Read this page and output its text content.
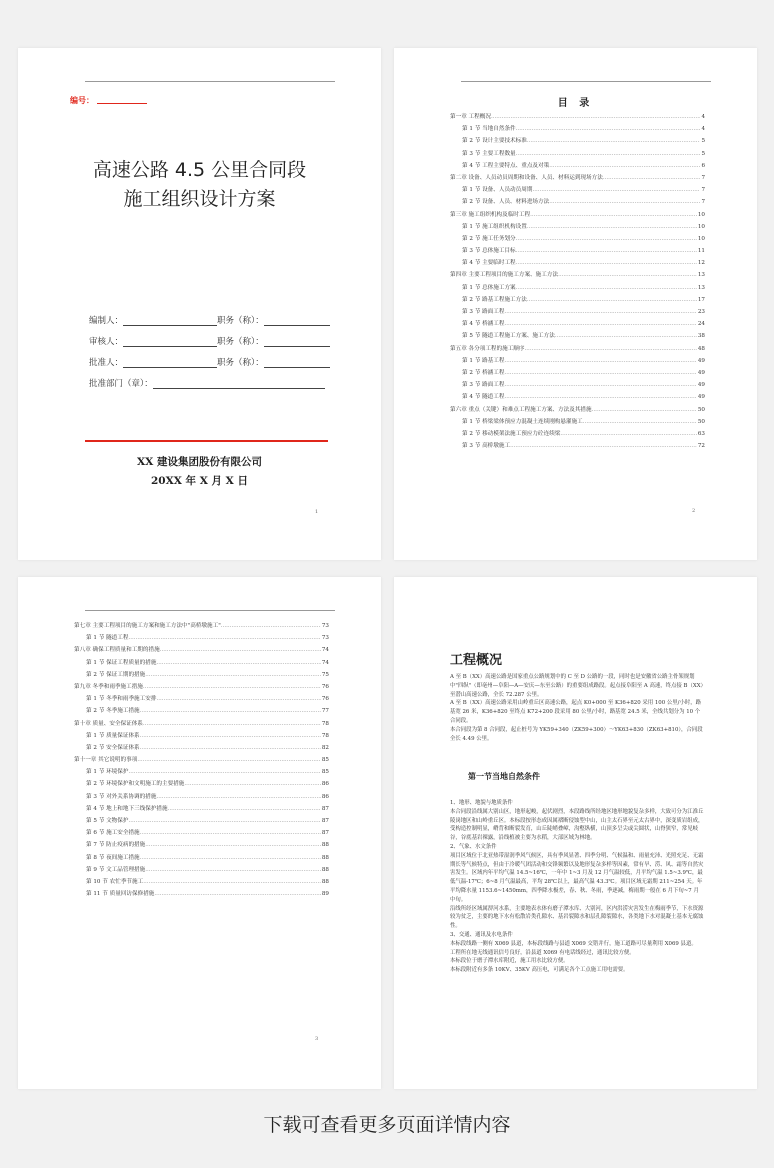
编号：
高速公路 4.5 公里合同段
施工组织设计方案
编制人：	职务（称）：
审核人：	职务（称）：
批准人：	职务（称）：
批准部门（章）：
XX 建设集团股份有限公司
20XX 年 X 月 X 日
1
目 录
第一章 工程概况 .....	4
第 1 节 当地自然条件 .....	4
第 2 节 设计主要技术标准 .....	5
第 3 节 主要工程数量 .....	5
第 4 节 工程主要特点、重点及对策 .....	6
第二章 设备、人员动员周期和设备、人员、材料运到现场方法 .....	7
第 1 节 设备、人员动员周期 .....	7
第 2 节 设备、人员、材料进场方法 .....	7
第三章 施工组织机构及临时工程 .....	10
第 1 节 施工组织机构设置 .....	10
第 2 节 施工任务划分 .....	10
第 3 节 总体施工目标 .....	11
第 4 节 主要临时工程 .....	12
第四章 主要工程项目的施工方案、施工方法 .....	13
第 1 节 总体施工方案 .....	13
第 2 节 路基工程施工方法 .....	17
第 3 节 路面工程 .....	23
第 4 节 桥涵工程 .....	24
第 5 节 隧道工程施工方案、施工方法 .....	38
第五章 各分项工程的施工顺序 .....	48
第 1 节 路基工程 .....	49
第 2 节 桥涵工程 .....	49
第 3 节 路面工程 .....	49
第 4 节 隧道工程 .....	49
第六章 重点（关键）和难点工程施工方案、方法及其措施 .....	50
第 1 节 桥梁梁体预应力混凝土连续刚构悬灌施工 .....	50
第 2 节 移动模架法施工预应力砼连续梁 .....	63
第 3 节 高桥墩施工 .....	72
2
第七章 主要工程项目的施工方案和施工方法中"高桥墩施工" .....	73
第 1 节 隧道工程 .....	73
第八章 确保工程质量和工期的措施 .....	74
第 1 节 保证工程质量的措施 .....	74
第 2 节 保证工期的措施 .....	75
第九章 冬季和雨季施工措施 .....	76
第 1 节 冬季和雨季施工安排 .....	76
第 2 节 冬季施工措施 .....	77
第十章 质量、安全保证体系 .....	78
第 1 节 质量保证体系 .....	78
第 2 节 安全保证体系 .....	82
第十一章 其它说明的事项 .....	85
第 1 节 环境保护 .....	85
第 2 节 环境保护和文明施工的主要措施 .....	86
第 3 节 对外关系协调的措施 .....	86
第 4 节 地上和地下三线保护措施 .....	87
第 5 节 文物保护 .....	87
第 6 节 施工安全措施 .....	87
第 7 节 防止疫病的措施 .....	88
第 8 节 夜间施工措施 .....	88
第 9 节 文工品管理措施 .....	88
第 10 节 农忙季节施工 .....	88
第 11 节 质量回访保修措施 .....	89
3
工程概况

A 至 B（XX）高速公路是国家重点公路规划中的 C 至 D 公路的一段，同时也是安徽省公路主骨架规划中"四纵"（即亳州—阜阳—A—安庆—东至公路）的重要组成路段。起点接阜阳至 A 高速，终点接 B（XX）至潜山高速公路，全长 72.287 公里。

A 至 B（XX）高速公路采用山岭重丘区高速公路，起点 K0+000 至 K36+820 采用 100 公里/小时，路基宽 26 米，K36+820 至终点 K72+200 段采用 80 公里/小时，路基宽 24.5 米，全线共划分为 10 个合同段。

本合同段为第 8 合同段，起止桩号为 YK59+340（ZK59+300）～YK63+830（ZK63+810），合同段全长 4.49 公里。

第一节当地自然条件

1、地形、地貌与地质条件

本合同段沿线属大别山区，地形起峻，起伏剧烈，本段路线所经地区地形地貌复杂多样，大致可分为江淮丘陵岗地区和山岭重丘区。本标段按形态成因属褶断侵蚀型中山，山主太石界至元太古界中，深变质岩组成，受构造控制明显，嵴背和断裂发育，山丘陡峭叠嶂，沟壑纵横，山顶多呈尖或尖圆状，山脊狭窄，常见岐谷，谷底基岩裸露，沿线植被主要为水稻，大部区域为林地。

2、气象、水文条件

项目区域位于北亚热带湿润季风气候区，具有季风显著、四季分明、气候温和、雨量充沛、光照充足、无霜期长等气候特点，但由于冷暖气团活动和交锋频繁以及地形复杂多样等因素，常有旱、涝、风、霜等自然灾害发生。区域内年平均气温 14.5~16℃，一年中 1~3 月及 12 月气温较低，月平均气温 1.5~3.9℃，最低气温-17℃；6~8 月气温最高，平均 28℃以上，最高气温 43.3℃。项目区域无霜期 211~254 天。年平均降水量 1153.6~1450mm，四季降水极差，春、秋、冬雨，季逐减，梅雨期一般在 6 月下旬~7 月中旬。

沿线所经区域属淠河水系，主要地表水体有磨子潭水库、大别河，区内洪涝灾害发生在梅雨季节，下水资源较为贫乏，主要的地下水有松散岩类孔隙水、基岩裂隙水和层孔隙裂隙水，各类地下水对混凝土基本无腐蚀性。

3、交通、通讯及水电条件

本标段线路一侧有 X069 县道，本标段线路与县道 X069 交错并行，施工道路可尽量利用 X069 县道。

工程所在地无线通讯信号良好，沿县道 X069 有电话线经过，通讯比较方便。

本标段位于磨子潭水库附近，施工用水比较方便。

本标段附近有多条 10KV、35KV 高压电，可满足各个工点施工用电需要。

下载可查看更多页面详情内容
